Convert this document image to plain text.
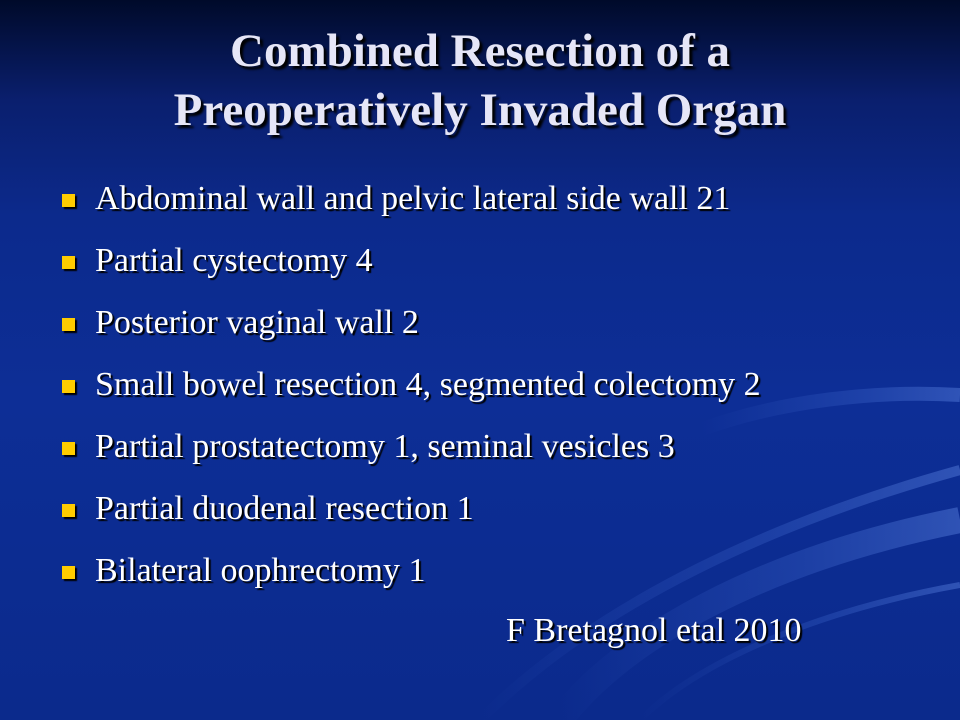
Combined Resection of a
Preoperatively Invaded Organ
Abdominal wall and pelvic lateral side wall 21
Partial cystectomy 4
Posterior vaginal wall 2
Small bowel resection 4, segmented colectomy 2
Partial prostatectomy 1, seminal vesicles 3
Partial duodenal resection 1
Bilateral oophrectomy 1
F Bretagnol etal 2010
